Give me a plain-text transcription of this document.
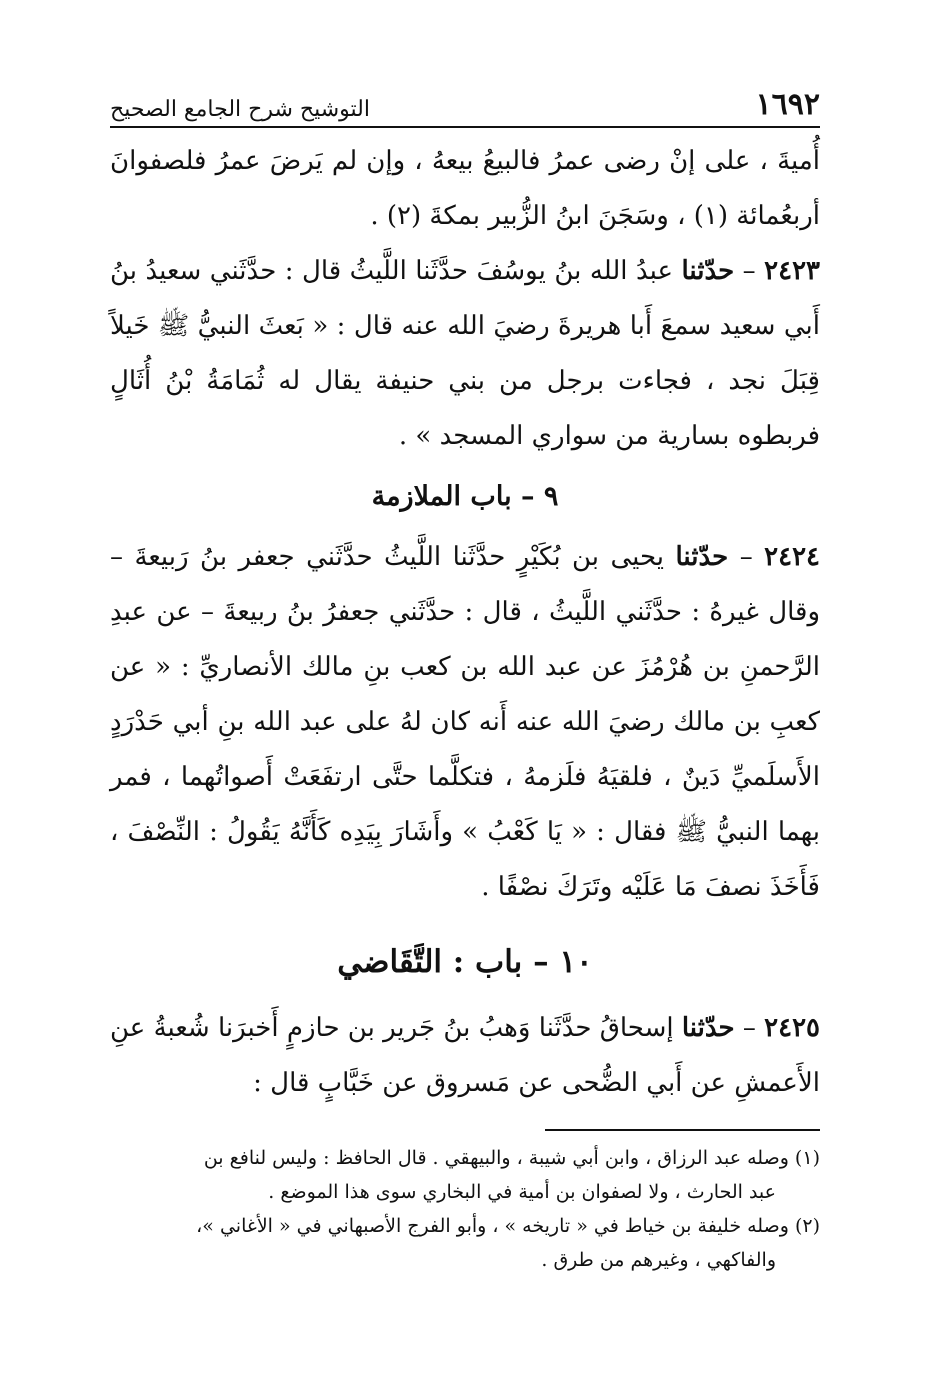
١٦٩٢
التوشيح شرح الجامع الصحيح

أُميةَ ، على إنْ رضى عمرُ فالبيعُ بيعهُ ، وإن لم يَرضَ عمرُ فلصفوانَ أربعُمائة (١) ، وسَجَنَ ابنُ الزُّبير بمكةَ (٢) .

٢٤٢٣ – حدّثنا عبدُ الله بنُ يوسُفَ حدَّثَنا اللَّيثُ قال : حدَّثَني سعيدُ بنُ أَبي سعيد سمعَ أَبا هريرةَ رضيَ الله عنه قال : « بَعثَ النبيُّ ﷺ خَيلاً قِبَلَ نجد ، فجاءت برجل من بني حنيفة يقال له ثُمَامَةُ بْنُ أُثَالٍ فربطوه بسارية من سواري المسجد » .

٩ – باب الملازمة

٢٤٢٤ – حدّثنا يحيى بن بُكَيْرٍ حدَّثَنا اللَّيثُ حدَّثَني جعفر بنُ رَبيعةَ – وقال غيرهُ : حدَّثَني اللَّيثُ ، قال : حدَّثَني جعفرُ بنُ ربيعةَ – عن عبدِ الرَّحمنِ بن هُرْمُزَ عن عبد الله بن كعب بنِ مالك الأنصاريِّ : « عن كعبِ بن مالك رضيَ الله عنه أَنه كان لهُ على عبد الله بنِ أبي حَدْرَدٍ الأَسلَميِّ دَينٌ ، فلقيَهُ فلَزمهُ ، فتكلَّما حتَّى ارتفَعَتْ أَصواتُهما ، فمر بهما النبيُّ ﷺ فقال : « يَا كَعْبُ » وأَشَارَ بِيَدِه كَأَنَّهُ يَقُولُ : النِّصْفَ ، فَأَخَذَ نصفَ مَا عَلَيْه وتَرَكَ نصْفًا .

١٠ – باب : التَّقَاضي

٢٤٢٥ – حدّثنا إسحاقُ حدَّثَنا وَهبُ بنُ جَرير بن حازمٍ أَخبرَنا شُعبةُ عنِ الأَعمشِ عن أَبي الضُّحى عن مَسروق عن خَبَّابٍ قال :

(١) وصله عبد الرزاق ، وابن أبي شيبة ، والبيهقي . قال الحافظ : وليس لنافع بن

عبد الحارث ، ولا لصفوان بن أمية في البخاري سوى هذا الموضع .

(٢) وصله خليفة بن خياط في « تاريخه » ، وأبو الفرج الأصبهاني في « الأغاني »،

والفاكهي ، وغيرهم من طرق .
